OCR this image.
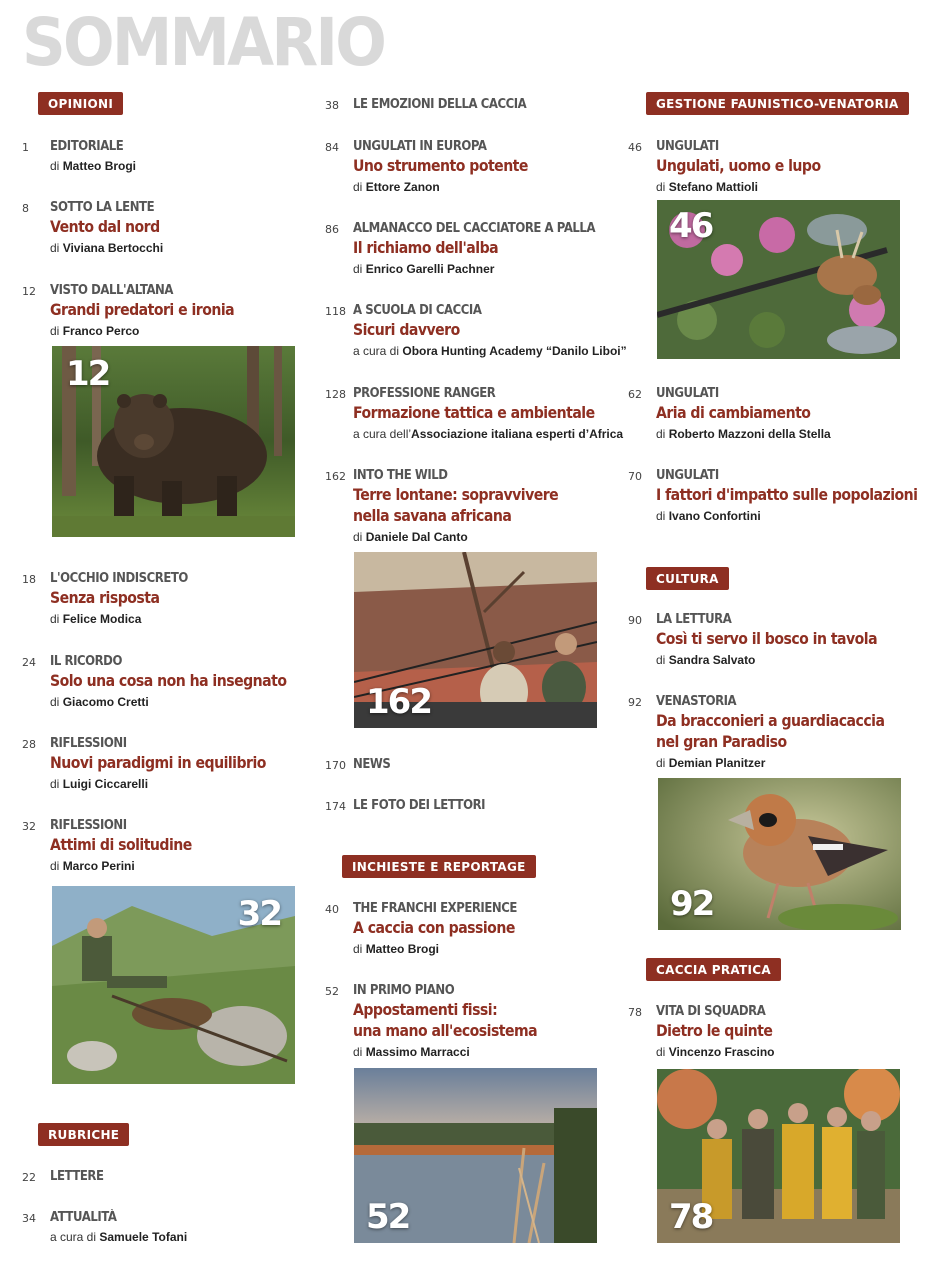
SOMMARIO
OPINIONI
1 EDITORIALE
di Matteo Brogi
8 SOTTO LA LENTE
Vento dal nord
di Viviana Bertocchi
12 VISTO DALL'ALTANA
Grandi predatori e ironia
di Franco Perco
12
18 L'OCCHIO INDISCRETO
Senza risposta
di Felice Modica
24 IL RICORDO
Solo una cosa non ha insegnato
di Giacomo Cretti
28 RIFLESSIONI
Nuovi paradigmi in equilibrio
di Luigi Ciccarelli
32 RIFLESSIONI
Attimi di solitudine
di Marco Perini
32
RUBRICHE
22 LETTERE
34 ATTUALITÀ
a cura di Samuele Tofani
38 LE EMOZIONI DELLA CACCIA
84 UNGULATI IN EUROPA
Uno strumento potente
di Ettore Zanon
86 ALMANACCO DEL CACCIATORE A PALLA
Il richiamo dell'alba
di Enrico Garelli Pachner
118 A SCUOLA DI CACCIA
Sicuri davvero
a cura di Obora Hunting Academy “Danilo Liboi”
128 PROFESSIONE RANGER
Formazione tattica e ambientale
a cura dell’Associazione italiana esperti d’Africa
162 INTO THE WILD
Terre lontane: sopravvivere
nella savana africana
di Daniele Dal Canto
162
170 NEWS
174 LE FOTO DEI LETTORI
INCHIESTE E REPORTAGE
40 THE FRANCHI EXPERIENCE
A caccia con passione
di Matteo Brogi
52 IN PRIMO PIANO
Appostamenti fissi:
una mano all'ecosistema
di Massimo Marracci
52
GESTIONE FAUNISTICO-VENATORIA
46 UNGULATI
Ungulati, uomo e lupo
di Stefano Mattioli
46
62 UNGULATI
Aria di cambiamento
di Roberto Mazzoni della Stella
70 UNGULATI
I fattori d'impatto sulle popolazioni
di Ivano Confortini
CULTURA
90 LA LETTURA
Così ti servo il bosco in tavola
di Sandra Salvato
92 VENASTORIA
Da bracconieri a guardiacaccia
nel gran Paradiso
di Demian Planitzer
92
CACCIA PRATICA
78 VITA DI SQUADRA
Dietro le quinte
di Vincenzo Frascino
78
